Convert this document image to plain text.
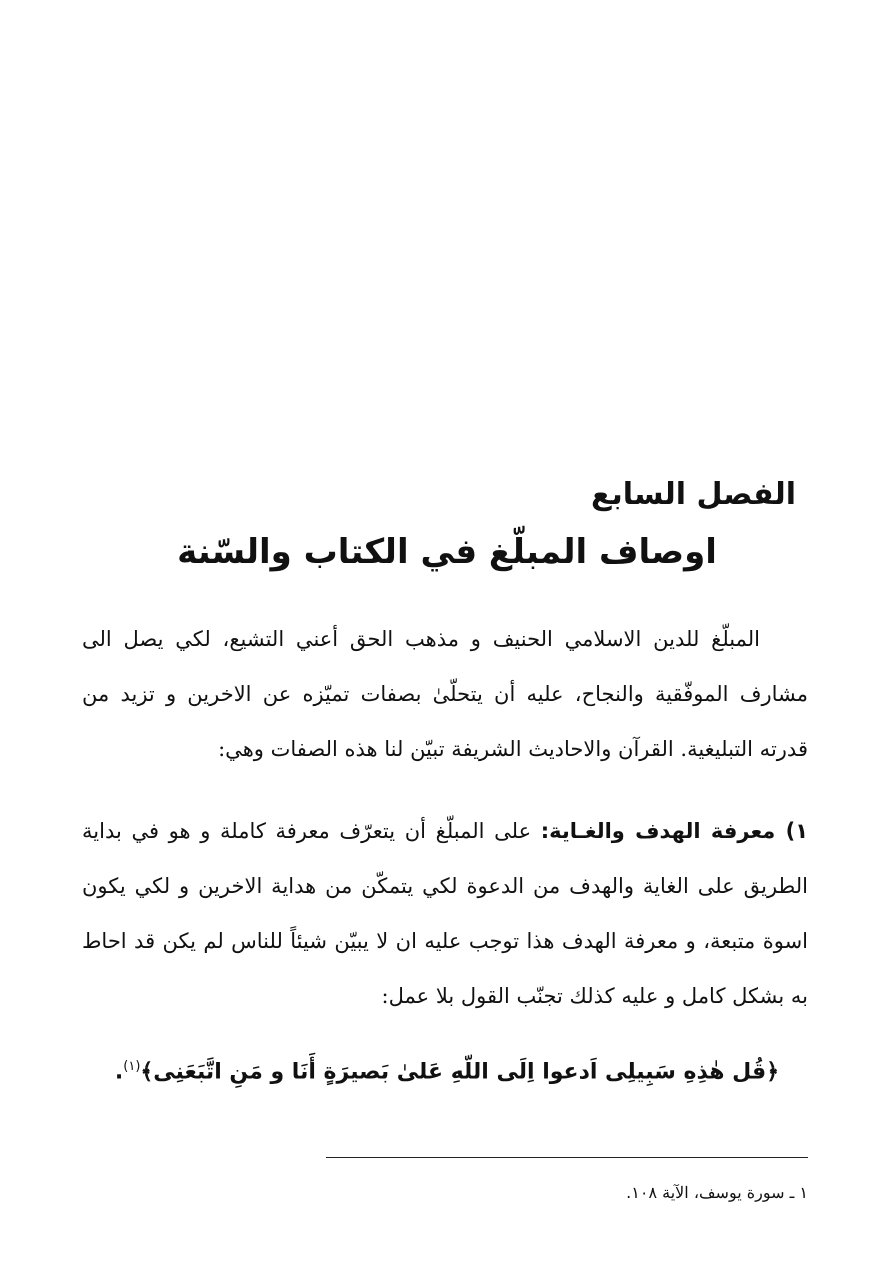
الفصل السابع
اوصاف المبلّغ في الكتاب والسّنة

المبلّغ للدين الاسلامي الحنيف و مذهب الحق أعني التشيع، لكي يصل الى مشارف الموفّقية والنجاح، عليه أن يتحلّىٰ بصفات تميّزه عن الاخرين و تزيد من قدرته التبليغية. القرآن والاحاديث الشريفة تبيّن لنا هذه الصفات وهي:

١) معرفة الهدف والغـاية: على المبلّغ أن يتعرّف معرفة كاملة و هو في بداية الطريق على الغاية والهدف من الدعوة لكي يتمكّن من هداية الاخرين و لكي يكون اسوة متبعة، و معرفة الهدف هذا توجب عليه ان لا يبيّن شيئاً للناس لم يكن قد احاط به بشكل كامل و عليه كذلك تجنّب القول بلا عمل:

﴿قُل هٰذِهِ سَبِيلِى اَدعوا اِلَى اللّهِ عَلىٰ بَصيرَةٍ أَنَا و مَنِ اتَّبَعَنِى﴾$^{(١)}$.

١ ـ سورة يوسف، الآية ١٠٨.
